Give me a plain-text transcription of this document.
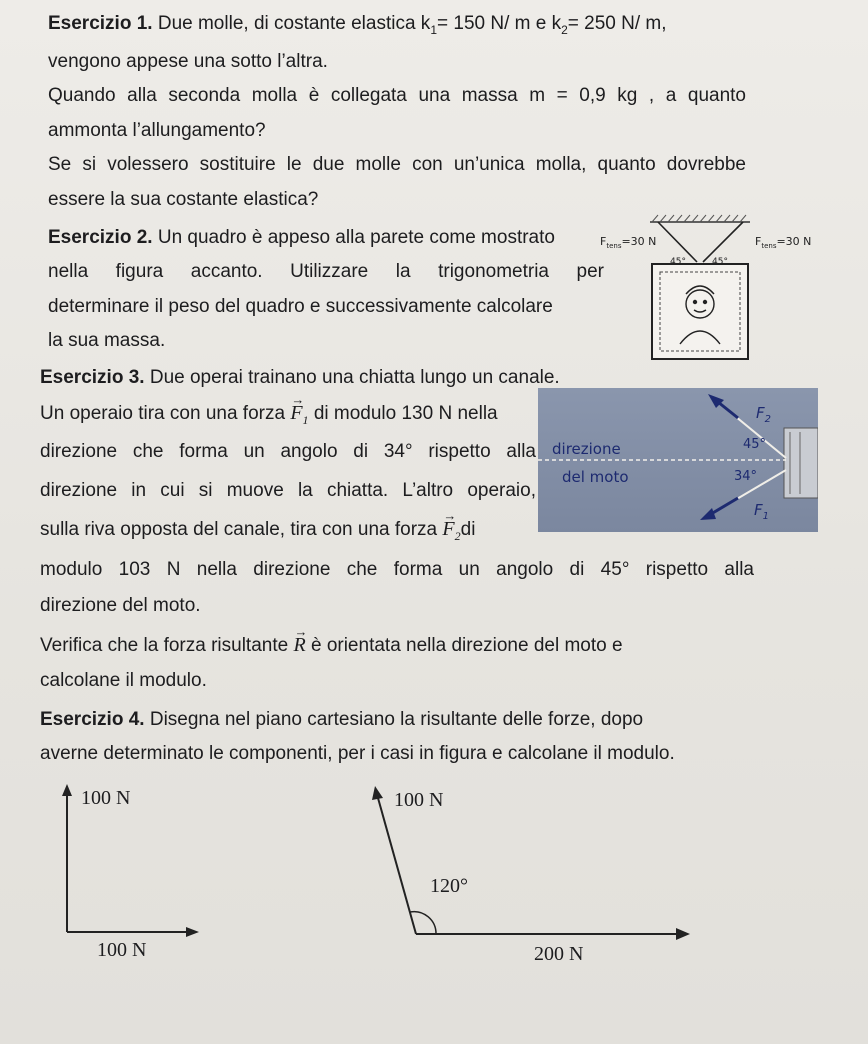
Esercizio 1. Due molle, di costante elastica $k_1= 150$ N/ m e $k_2= 250$ N/ m,
vengono appese una sotto l’altra.
Quando alla seconda molla è collegata una massa m = 0,9 kg , a quanto
ammonta l’allungamento?
Se si volessero sostituire le due molle con un’unica molla, quanto dovrebbe
essere la sua costante elastica?
Esercizio 2. Un quadro è appeso alla parete come mostrato
nella figura accanto. Utilizzare la trigonometria per
determinare il peso del quadro e successivamente calcolare
la sua massa.
$F_{tens}=30$ N	$F_{tens}=30$ N
45°	45°
Esercizio 3. Due operai trainano una chiatta lungo un canale.
Un operaio tira con una forza → $F_1$ di modulo 130 N nella
direzione che forma un angolo di 34° rispetto alla
direzione in cui si muove la chiatta. L’altro operaio,
sulla riva opposta del canale, tira con una forza → $F_2di$
direzione
del moto
$F_2$
$F_1$
45°
34°
modulo 103 N nella direzione che forma un angolo di 45° rispetto alla
direzione del moto.
Verifica che la forza risultante → R è orientata nella direzione del moto e
calcolane il modulo.
Esercizio 4. Disegna nel piano cartesiano la risultante delle forze, dopo
averne determinato le componenti, per i casi in figura e calcolane il modulo.
100 N
100 N
100 N
120°
200 N
